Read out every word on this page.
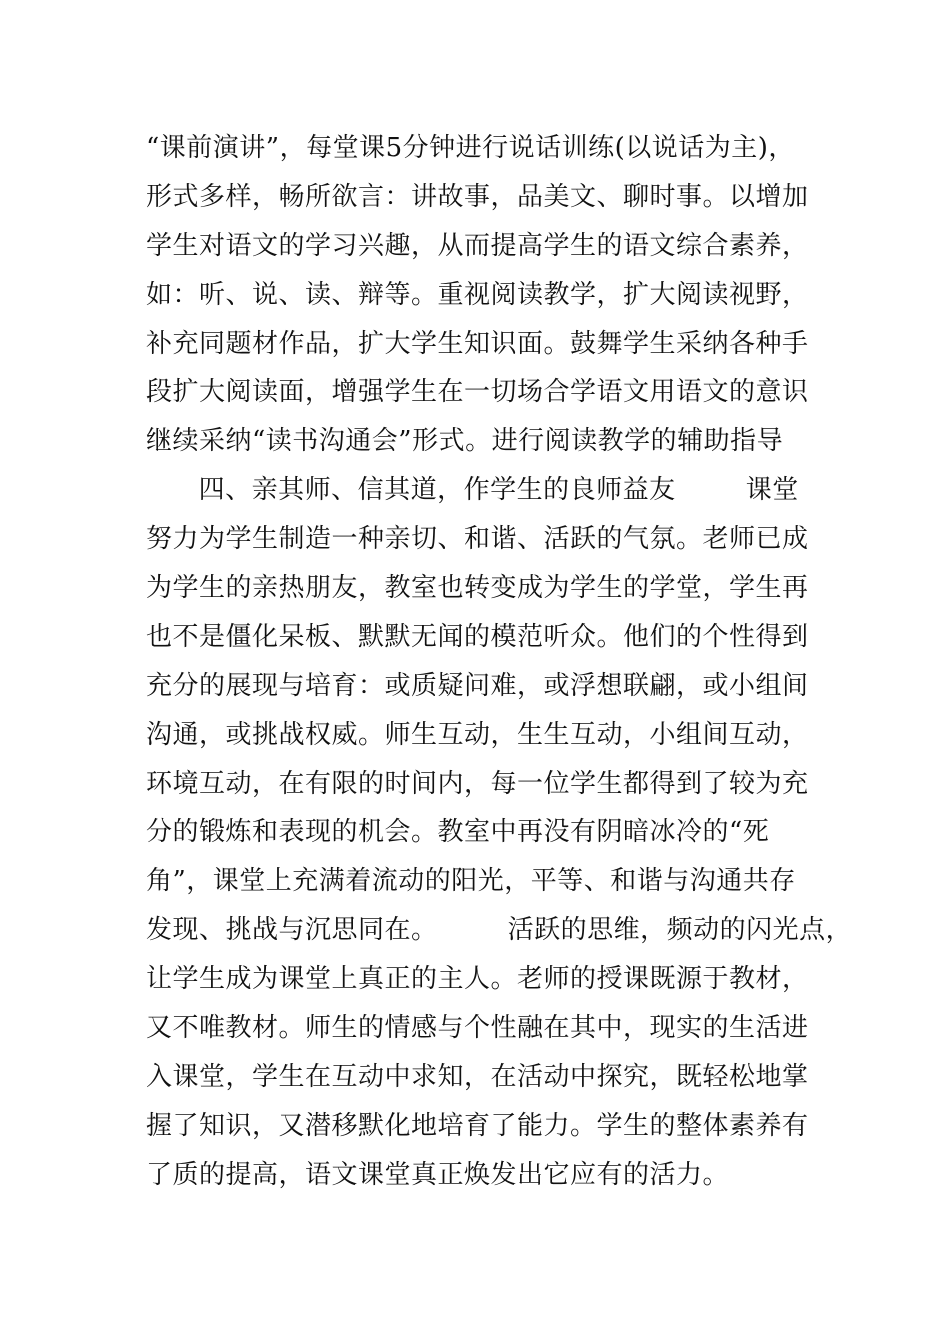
“课前演讲”，每堂课5分钟进行说话训练(以说话为主)，
形式多样，畅所欲言：讲故事，品美文、聊时事。以增加
学生对语文的学习兴趣，从而提高学生的语文综合素养，
如：听、说、读、辩等。重视阅读教学，扩大阅读视野，
补充同题材作品，扩大学生知识面。鼓舞学生采纳各种手
段扩大阅读面，增强学生在一切场合学语文用语文的意识
继续采纳“读书沟通会”形式。进行阅读教学的辅助指导
四、亲其师、信其道，作学生的良师益友        课堂
努力为学生制造一种亲切、和谐、活跃的气氛。老师已成
为学生的亲热朋友，教室也转变成为学生的学堂，学生再
也不是僵化呆板、默默无闻的模范听众。他们的个性得到
充分的展现与培育：或质疑问难，或浮想联翩，或小组间
沟通，或挑战权威。师生互动，生生互动，小组间互动，
环境互动，在有限的时间内，每一位学生都得到了较为充
分的锻炼和表现的机会。教室中再没有阴暗冰冷的“死
角”，课堂上充满着流动的阳光，平等、和谐与沟通共存
发现、挑战与沉思同在。        活跃的思维，频动的闪光点，
让学生成为课堂上真正的主人。老师的授课既源于教材，
又不唯教材。师生的情感与个性融在其中，现实的生活进
入课堂，学生在互动中求知，在活动中探究，既轻松地掌
握了知识，又潜移默化地培育了能力。学生的整体素养有
了质的提高，语文课堂真正焕发出它应有的活力。
